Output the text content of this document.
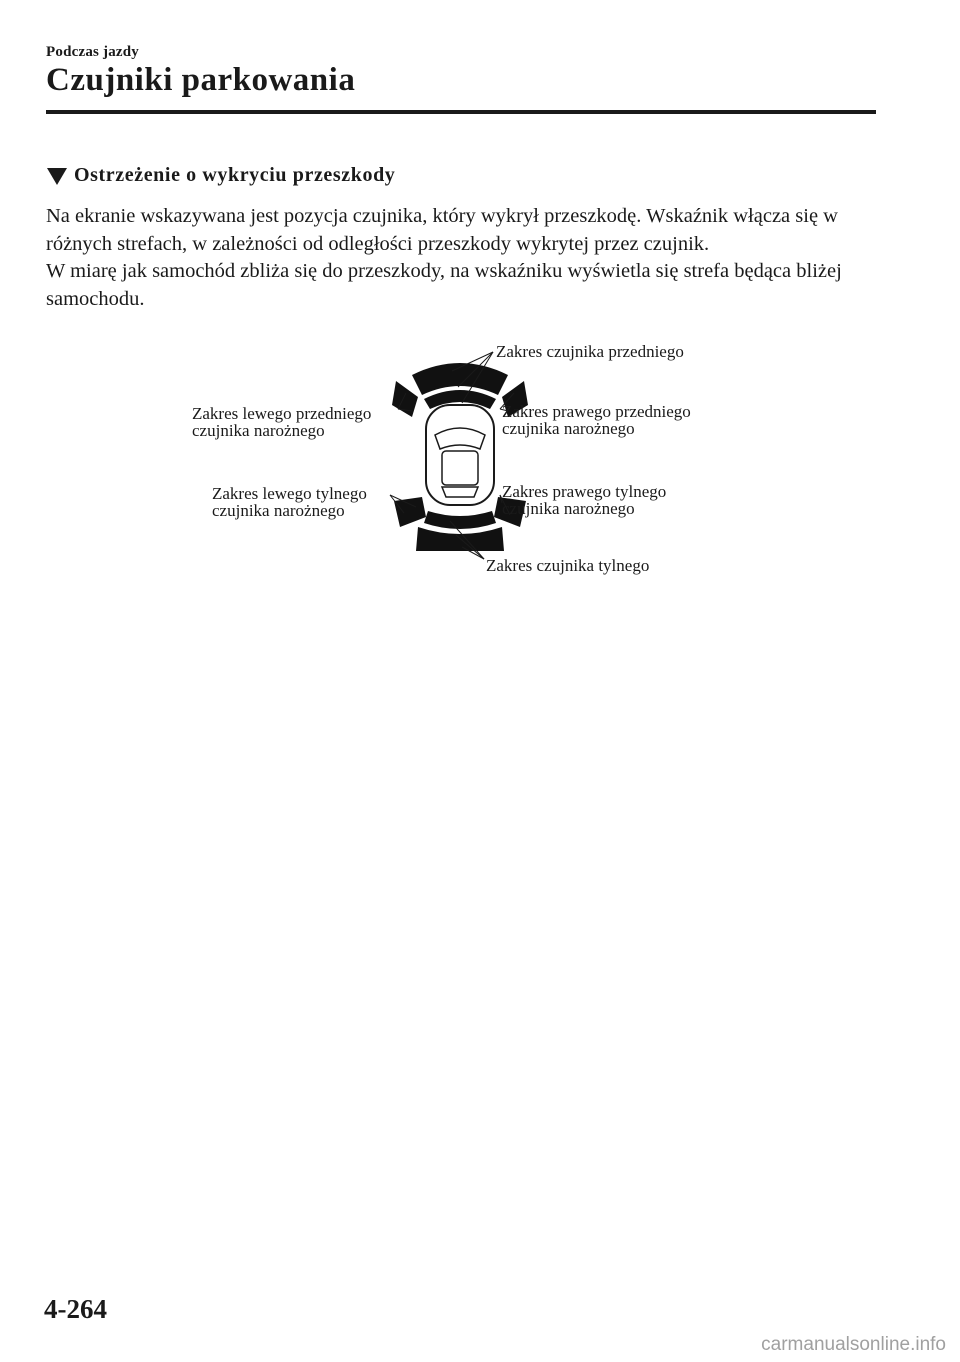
Podczas jazdy
Czujniki parkowania
Ostrzeżenie o wykryciu przeszkody

Na ekranie wskazywana jest pozycja czujnika, który wykrył przeszkodę. Wskaźnik włącza się w różnych strefach, w zależności od odległości przeszkody wykrytej przez czujnik.

W miarę jak samochód zbliża się do przeszkody, na wskaźniku wyświetla się strefa będąca bliżej samochodu.

Zakres czujnika przedniego
Zakres lewego przedniego
czujnika narożnego
Zakres prawego przedniego
czujnika narożnego
Zakres lewego tylnego
czujnika narożnego
Zakres prawego tylnego
czujnika narożnego
Zakres czujnika tylnego
4-264
carmanualsonline.info
